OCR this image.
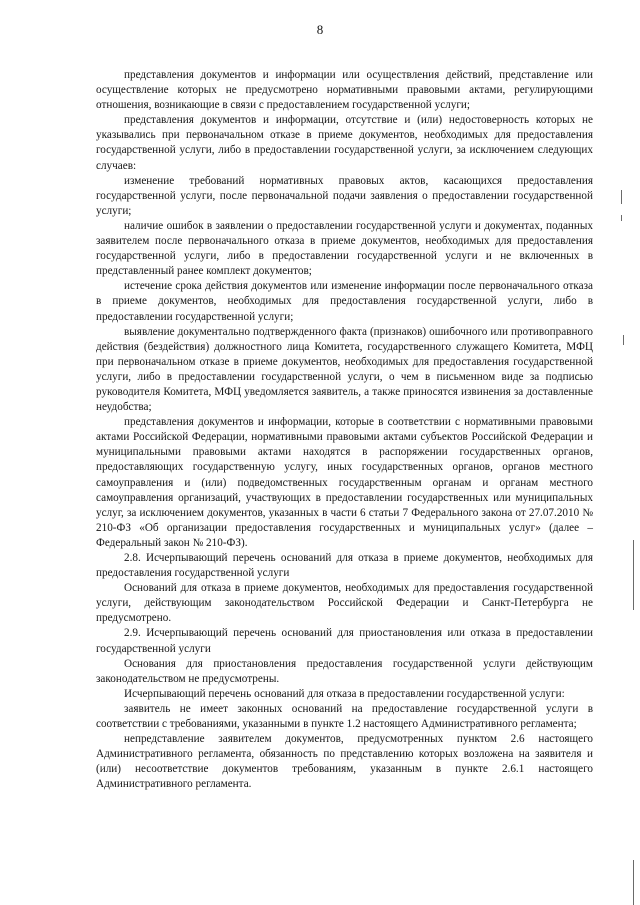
8

представления документов и информации или осуществления действий, представление или осуществление которых не предусмотрено нормативными правовыми актами, регулирующими отношения, возникающие в связи с предоставлением государственной услуги;

представления документов и информации, отсутствие и (или) недостоверность которых не указывались при первоначальном отказе в приеме документов, необходимых для предоставления государственной услуги, либо в предоставлении государственной услуги, за исключением следующих случаев:

изменение требований нормативных правовых актов, касающихся предоставления государственной услуги, после первоначальной подачи заявления о предоставлении государственной услуги;

наличие ошибок в заявлении о предоставлении государственной услуги и документах, поданных заявителем после первоначального отказа в приеме документов, необходимых для предоставления государственной услуги, либо в предоставлении государственной услуги и не включенных в представленный ранее комплект документов;

истечение срока действия документов или изменение информации после первоначального отказа в приеме документов, необходимых для предоставления государственной услуги, либо в предоставлении государственной услуги;

выявление документально подтвержденного факта (признаков) ошибочного или противоправного действия (бездействия) должностного лица Комитета, государственного служащего Комитета, МФЦ при первоначальном отказе в приеме документов, необходимых для предоставления государственной услуги, либо в предоставлении государственной услуги, о чем в письменном виде за подписью руководителя Комитета, МФЦ уведомляется заявитель, а также приносятся извинения за доставленные неудобства;

представления документов и информации, которые в соответствии с нормативными правовыми актами Российской Федерации, нормативными правовыми актами субъектов Российской Федерации и муниципальными правовыми актами находятся в распоряжении государственных органов, предоставляющих государственную услугу, иных государственных органов, органов местного самоуправления и (или) подведомственных государственным органам и органам местного самоуправления организаций, участвующих в предоставлении государственных или муниципальных услуг, за исключением документов, указанных в части 6 статьи 7 Федерального закона от 27.07.2010 № 210-ФЗ «Об организации предоставления государственных и муниципальных услуг» (далее – Федеральный закон № 210-ФЗ).

2.8. Исчерпывающий перечень оснований для отказа в приеме документов, необходимых для предоставления государственной услуги

Оснований для отказа в приеме документов, необходимых для предоставления государственной услуги, действующим законодательством Российской Федерации и Санкт-Петербурга не предусмотрено.

2.9. Исчерпывающий перечень оснований для приостановления или отказа в предоставлении государственной услуги

Основания для приостановления предоставления государственной услуги действующим законодательством не предусмотрены.

Исчерпывающий перечень оснований для отказа в предоставлении государственной услуги:

заявитель не имеет законных оснований на предоставление государственной услуги в соответствии с требованиями, указанными в пункте 1.2 настоящего Административного регламента;

непредставление заявителем документов, предусмотренных пунктом 2.6 настоящего Административного регламента, обязанность по представлению которых возложена на заявителя и (или) несоответствие документов требованиям, указанным в пункте 2.6.1 настоящего Административного регламента.
